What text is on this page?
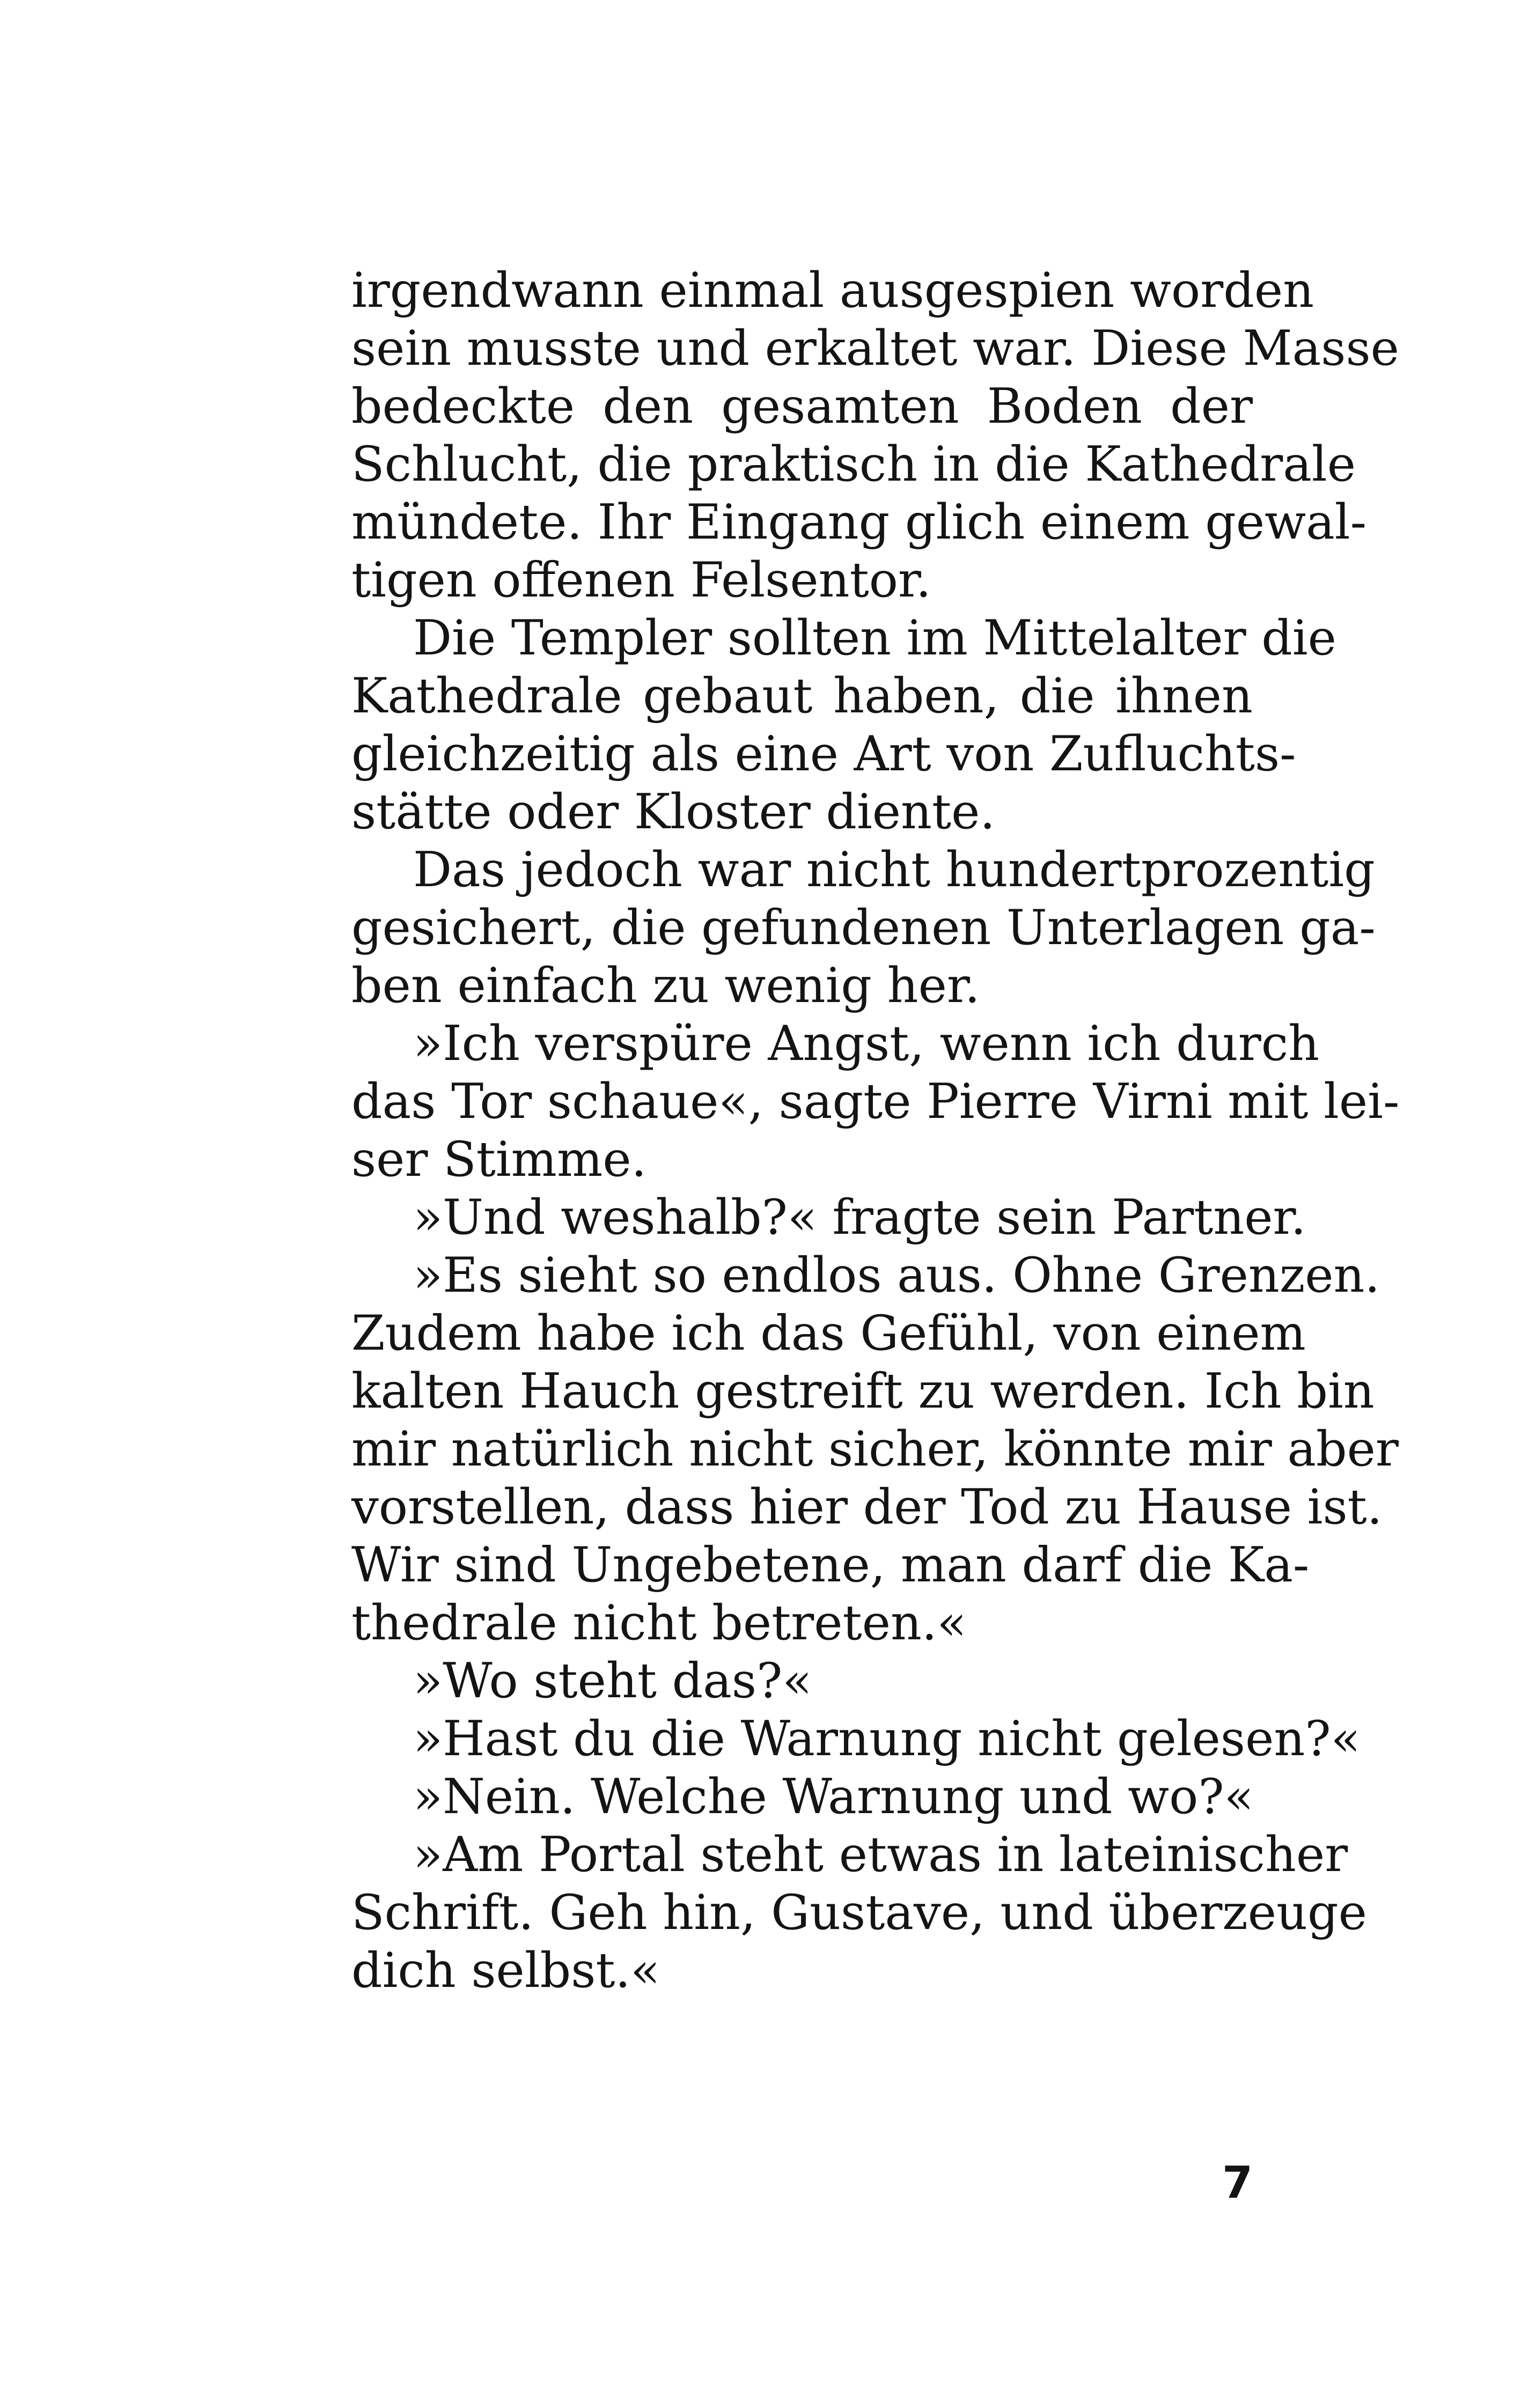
irgendwann einmal ausgespien worden
sein musste und erkaltet war. Diese Masse
bedeckte den gesamten Boden der
Schlucht, die praktisch in die Kathedrale
mündete. Ihr Eingang glich einem gewal-
tigen offenen Felsentor.
Die Templer sollten im Mittelalter die
Kathedrale gebaut haben, die ihnen
gleichzeitig als eine Art von Zufluchts-
stätte oder Kloster diente.
Das jedoch war nicht hundertprozentig
gesichert, die gefundenen Unterlagen ga-
ben einfach zu wenig her.
»Ich verspüre Angst, wenn ich durch
das Tor schaue«, sagte Pierre Virni mit lei-
ser Stimme.
»Und weshalb?« fragte sein Partner.
»Es sieht so endlos aus. Ohne Grenzen.
Zudem habe ich das Gefühl, von einem
kalten Hauch gestreift zu werden. Ich bin
mir natürlich nicht sicher, könnte mir aber
vorstellen, dass hier der Tod zu Hause ist.
Wir sind Ungebetene, man darf die Ka-
thedrale nicht betreten.«
»Wo steht das?«
»Hast du die Warnung nicht gelesen?«
»Nein. Welche Warnung und wo?«
»Am Portal steht etwas in lateinischer
Schrift. Geh hin, Gustave, und überzeuge
dich selbst.«
7
